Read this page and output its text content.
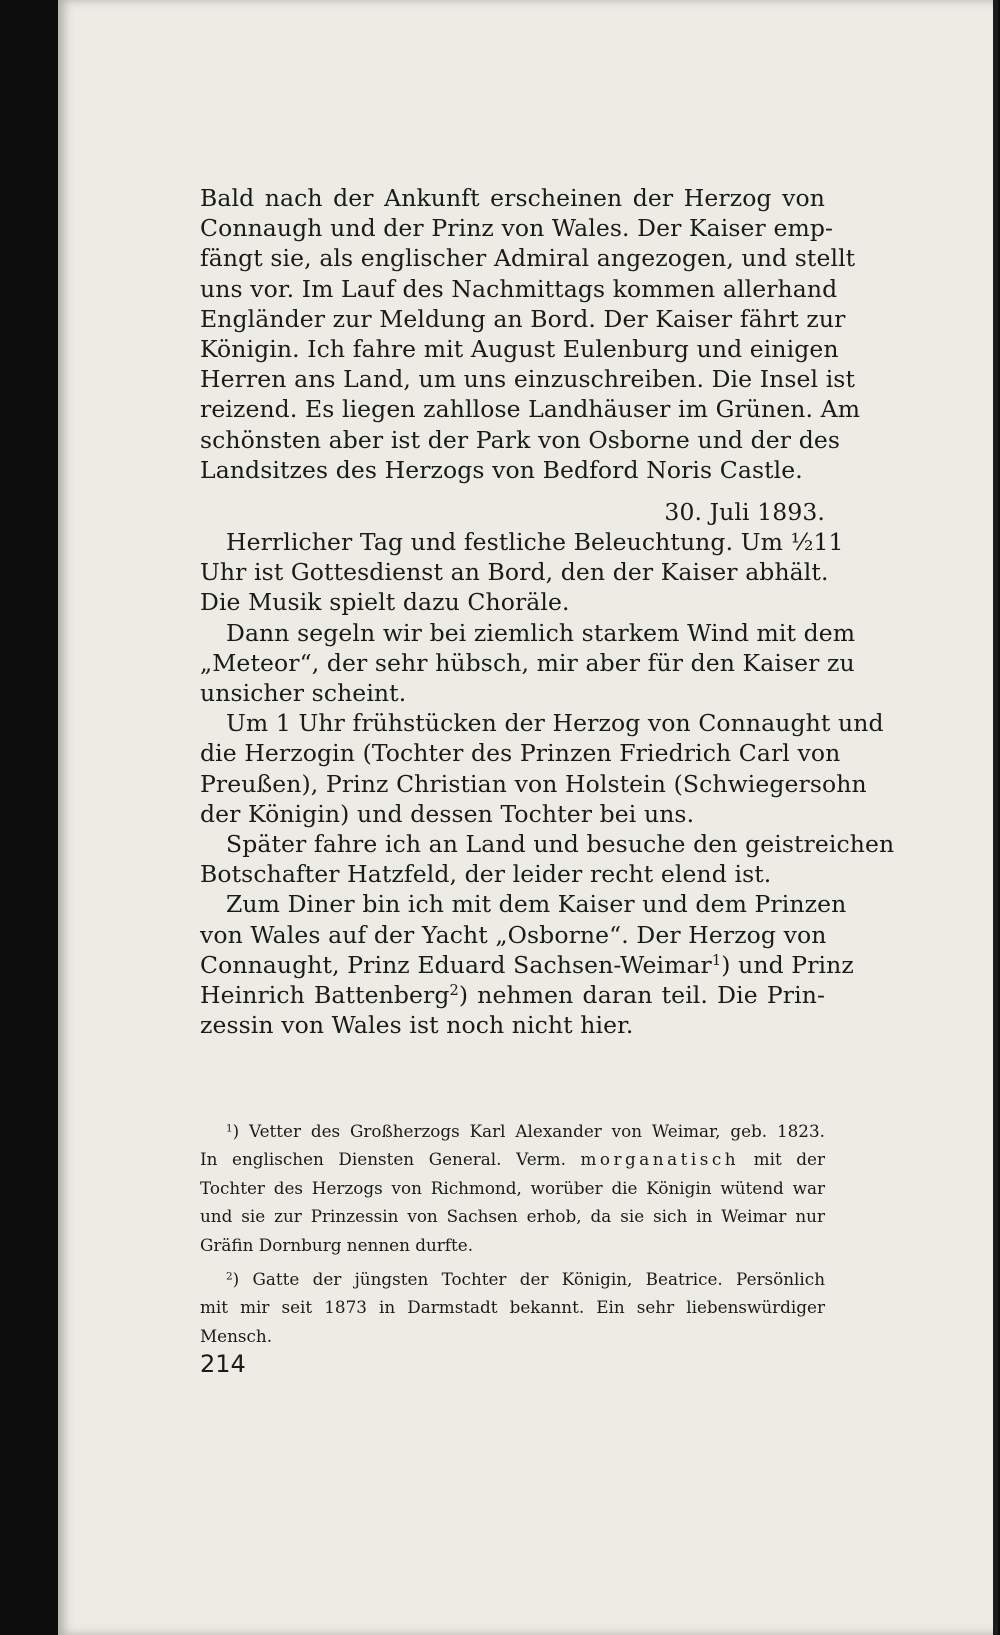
Bald nach der Ankunft erscheinen der Herzog von
Connaugh und der Prinz von Wales. Der Kaiser emp-
fängt sie, als englischer Admiral angezogen, und stellt
uns vor. Im Lauf des Nachmittags kommen allerhand
Engländer zur Meldung an Bord. Der Kaiser fährt zur
Königin. Ich fahre mit August Eulenburg und einigen
Herren ans Land, um uns einzuschreiben. Die Insel ist
reizend. Es liegen zahllose Landhäuser im Grünen. Am
schönsten aber ist der Park von Osborne und der des
Landsitzes des Herzogs von Bedford Noris Castle.
30. Juli 1893.
Herrlicher Tag und festliche Beleuchtung. Um ½11
Uhr ist Gottesdienst an Bord, den der Kaiser abhält.
Die Musik spielt dazu Choräle.
Dann segeln wir bei ziemlich starkem Wind mit dem
„Meteor“, der sehr hübsch, mir aber für den Kaiser zu
unsicher scheint.
Um 1 Uhr frühstücken der Herzog von Connaught und
die Herzogin (Tochter des Prinzen Friedrich Carl von
Preußen), Prinz Christian von Holstein (Schwiegersohn
der Königin) und dessen Tochter bei uns.
Später fahre ich an Land und besuche den geistreichen
Botschafter Hatzfeld, der leider recht elend ist.
Zum Diner bin ich mit dem Kaiser und dem Prinzen
von Wales auf der Yacht „Osborne“. Der Herzog von
Connaught, Prinz Eduard Sachsen-Weimar$^1$) und Prinz
Heinrich Battenberg$^2$) nehmen daran teil. Die Prin-
zessin von Wales ist noch nicht hier.
$^1$) Vetter des Großherzogs Karl Alexander von Weimar, geb. 1823.
In englischen Diensten General. Verm. morganatisch mit der
Tochter des Herzogs von Richmond, worüber die Königin wütend war
und sie zur Prinzessin von Sachsen erhob, da sie sich in Weimar nur
Gräfin Dornburg nennen durfte.
$^2$) Gatte der jüngsten Tochter der Königin, Beatrice. Persönlich
mit mir seit 1873 in Darmstadt bekannt. Ein sehr liebenswürdiger
Mensch.
214
